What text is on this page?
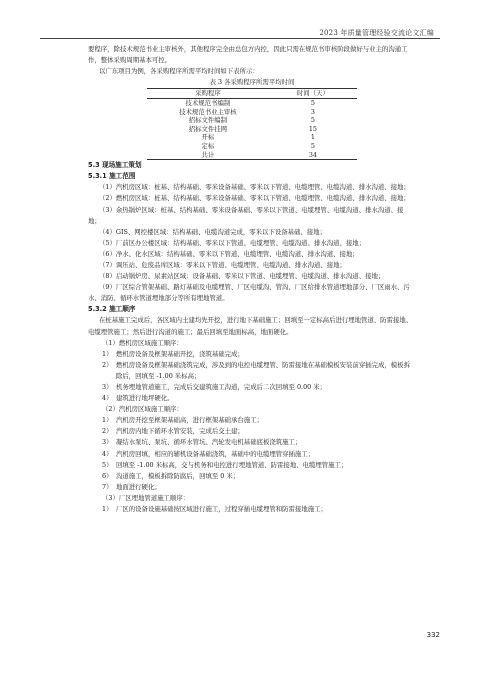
2023 年质量管理经验交流论文汇编

要程序，除技术规范书业主审核外，其他程序完全由总包方内控，因此只需在规范书审核阶段做好与业主的沟通工作，整体采购周期基本可控。

以广东项目为例，各采购程序所需平均时间如下表所示：

表 3 各采购程序所需平均时间

采购程序	时间（天）
技术规范书编制	5
技术规范书业主审核	3
招标文件编制	5
招标文件挂网	15
开标	1
定标	5
共计	34

5.3 现场施工策划

5.3.1 施工范围

（1）汽机房区域：桩基、结构基础、零米设备基础、零米以下管道、电缆埋管、电缆沟道、排水沟道、接地；

（2）燃机房区域：桩基、结构基础、零米设备基础、零米以下管道、电缆埋管、电缆沟道、排水沟道、接地；

（3）余热锅炉区域：桩基、结构基础、零米设备基础、零米以下管道、电缆埋管、电缆沟道、排水沟道、接地；

（4）GIS、网控楼区域：结构基础、电缆沟道完成，零米以下设备基础、接地；

（5）厂前区办公楼区域：结构基础、零米以下管道、电缆埋管、电缆沟道、排水沟道、接地；

（6）净水、化水区域：结构基础、零米以下管道、电缆埋管、电缆沟道、排水沟道、接地；

（7）调压站、危废品库区域：零米以下管道、电缆埋管、电缆沟道、排水沟道、接地；

（8）启动锅炉房、尿素站区域：设备基础、零米以下管道、电缆埋管、电缆沟道、排水沟道、接地；

（9）厂区综合管架基础、路灯基础及电缆埋管、厂区电缆沟、管沟、厂区给排水管道埋地部分、厂区雨水、污水、消防、循环水管道埋地部分等所有埋地管道。

5.3.2 施工顺序

在桩基施工完成后，各区域内土建均先开挖，进行地下基础施工；回填至一定标高后进行埋地管道、防雷接地、电缆埋管施工；然后进行沟道的施工；最后回填至地面标高，地面硬化。

（1）燃机房区域施工顺序：

1） 燃机房设备及框架基础开挖，浇筑基础完成；
2） 燃机房设备及框架基础浇筑完成，涉及到的电控电缆埋管、防雷接地在基础模板安装前穿插完成，模板拆除后，回填至 -1.00 米标高；
3） 机务埋地管道施工，完成后交建筑施工沟道，完成后二次回填至 0.00 米；
4） 建筑进行地坪硬化。

（2）汽机房区域施工顺序：

1） 汽机房开挖至框架基础高，进行框架基础承台施工；
2） 汽机房内地下循环水管安装，完成后交土建；
3） 凝结水泵坑、泵坑、循环水管坑、汽轮发电机基础底板浇筑施工；
4） 汽机房回填，相应的辅机设备基础浇筑，基础中的电缆埋管穿插施工；
5） 回填至 -1.00 米标高，交与机务和电控进行埋地管道、防雷接地、电缆埋管施工；
6） 沟道施工，模板拆除防腐后，回填至 0 米；
7） 地面进行硬化。

（3）厂区埋地管道施工顺序：

1） 厂区的设备设施基础按区域进行施工，过程穿插电缆埋管和防雷接地施工；
332
